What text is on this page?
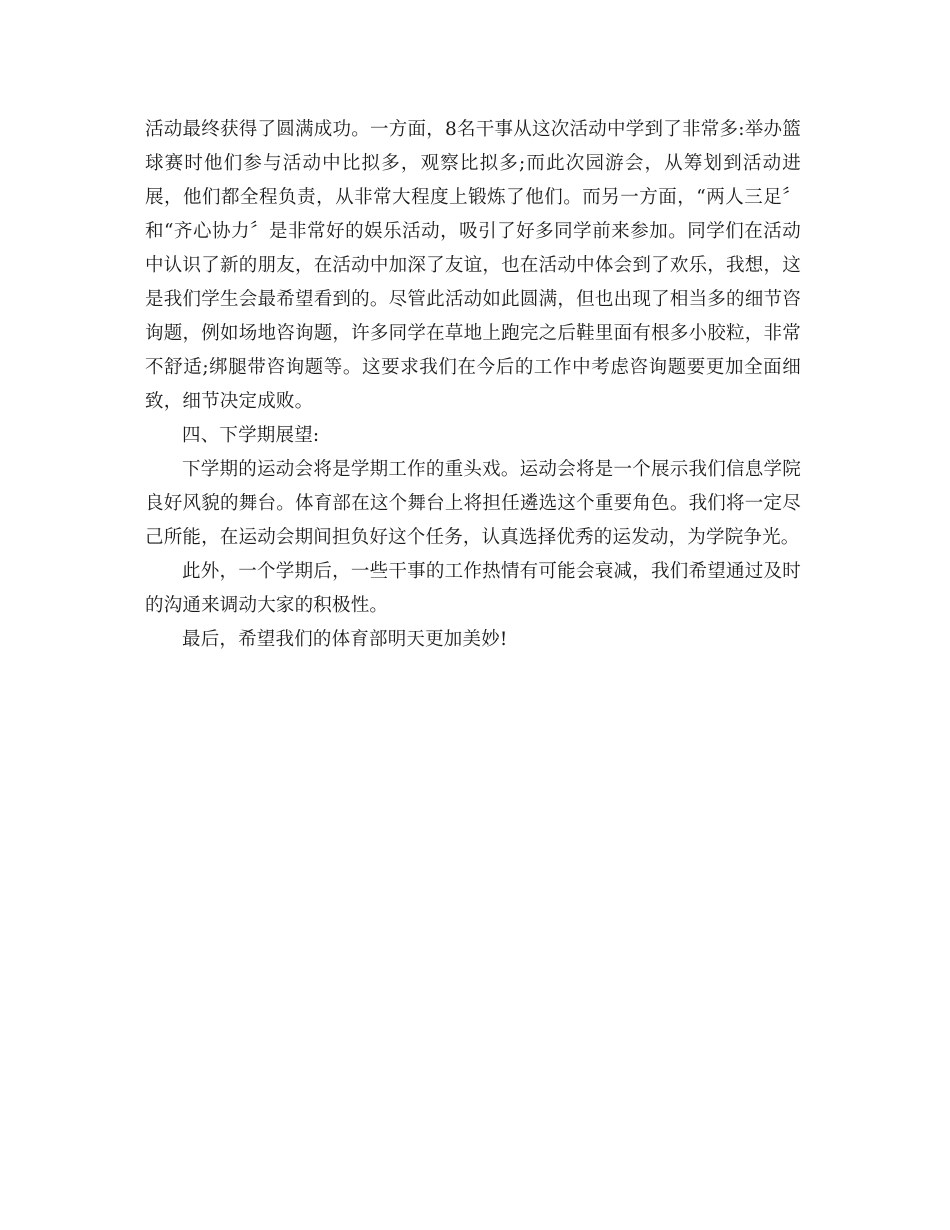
活动最终获得了圆满成功。一方面，8名干事从这次活动中学到了非常多:举办篮球赛时他们参与活动中比拟多，观察比拟多;而此次园游会，从筹划到活动进展，他们都全程负责，从非常大程度上锻炼了他们。而另一方面，“两人三足〞和“齐心协力〞是非常好的娱乐活动，吸引了好多同学前来参加。同学们在活动中认识了新的朋友，在活动中加深了友谊，也在活动中体会到了欢乐，我想，这是我们学生会最希望看到的。尽管此活动如此圆满，但也出现了相当多的细节咨询题，例如场地咨询题，许多同学在草地上跑完之后鞋里面有根多小胶粒，非常不舒适;绑腿带咨询题等。这要求我们在今后的工作中考虑咨询题要更加全面细致，细节决定成败。

四、下学期展望:

下学期的运动会将是学期工作的重头戏。运动会将是一个展示我们信息学院良好风貌的舞台。体育部在这个舞台上将担任遴选这个重要角色。我们将一定尽己所能，在运动会期间担负好这个任务，认真选择优秀的运发动，为学院争光。

此外，一个学期后，一些干事的工作热情有可能会衰减，我们希望通过及时的沟通来调动大家的积极性。

最后，希望我们的体育部明天更加美妙!
